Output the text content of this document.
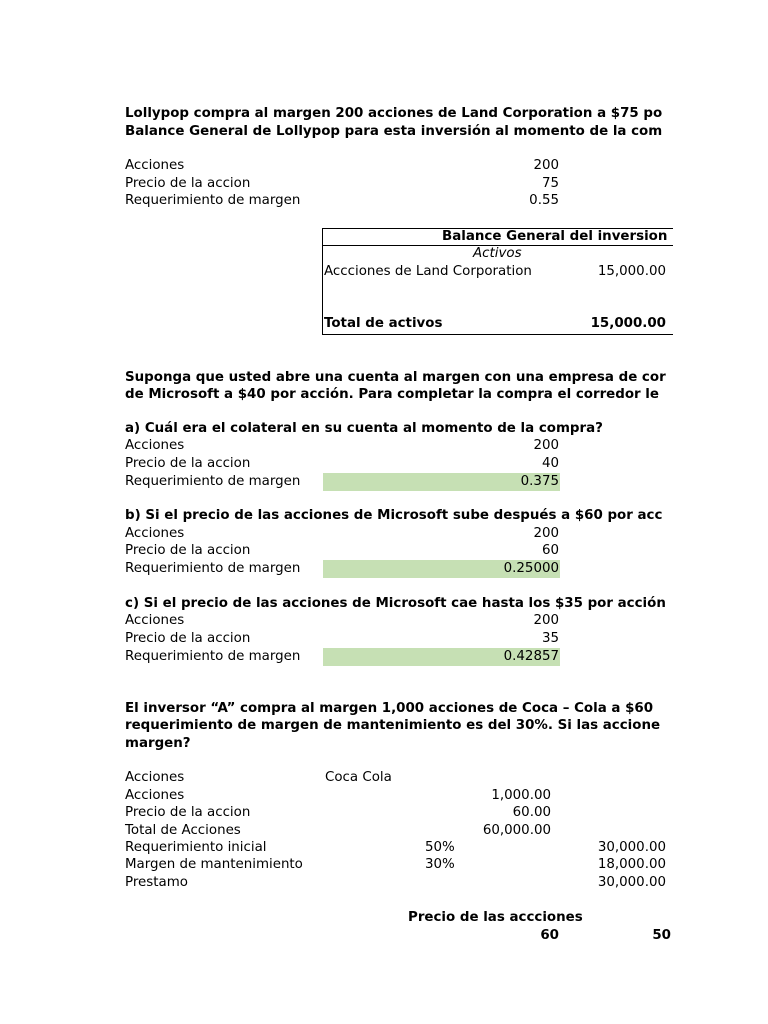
Lollypop compra al margen 200 acciones de Land Corporation a $75 po
Balance General de Lollypop para esta inversión al momento de la com
Acciones	200
Precio de la accion	75
Requerimiento de margen	0.55
Balance General del inversion
Activos
Accciones de Land Corporation	15,000.00
Total de activos	15,000.00
Suponga que usted abre una cuenta al margen con una empresa de cor
de Microsoft a $40 por acción. Para completar la compra el corredor le
a) Cuál era el colateral en su cuenta al momento de la compra?
Acciones	200
Precio de la accion	40
Requerimiento de margen	0.375
b) Si el precio de las acciones de Microsoft sube después a $60 por acc
Acciones	200
Precio de la accion	60
Requerimiento de margen	0.25000
c) Si el precio de las acciones de Microsoft cae hasta los $35 por acción
Acciones	200
Precio de la accion	35
Requerimiento de margen	0.42857
El inversor “A” compra al margen 1,000 acciones de Coca – Cola a $60
requerimiento de margen de mantenimiento es del 30%. Si las accione
margen?
Acciones	Coca Cola
Acciones	1,000.00
Precio de la accion	60.00
Total de Acciones	60,000.00
Requerimiento inicial	50%	30,000.00
Margen de mantenimiento	30%	18,000.00
Prestamo	30,000.00
Precio de las accciones
60	50
